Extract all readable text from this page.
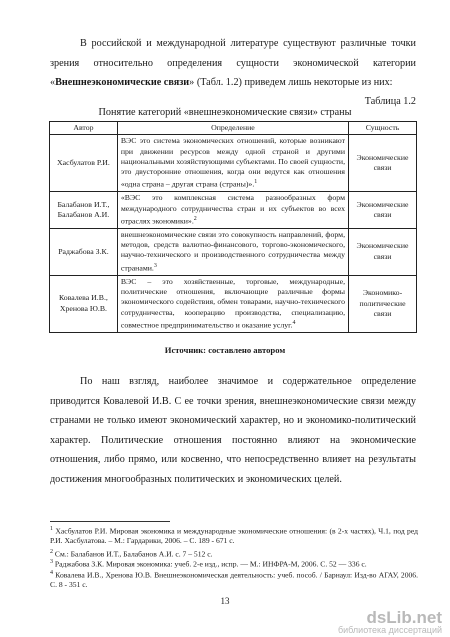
В российской и международной литературе существуют различные точки зрения относительно определения сущности экономической категории «Внешнеэкономические связи» (Табл. 1.2) приведем лишь некоторые из них:
Таблица 1.2
Понятие категорий «внешнеэкономические связи» страны
Автор	Определение	Сущность
Хасбулатов Р.И.	ВЭС это система экономических отношений, которые возникают при движении ресурсов между одной страной и другими национальными хозяйствующими субъектами. По своей сущности, это двусторонние отношения, когда они ведутся как отношения «одна страна – другая страна (страны)».$^1$	Экономические связи
Балабанов И.Т., Балабанов А.И.	«ВЭС это комплексная система разнообразных форм международного сотрудничества стран и их субъектов во всех отраслях экономики».$^2$	Экономические связи
Раджабова З.К.	внешнеэкономические связи это совокупность направлений, форм, методов, средств валютно-финансового, торгово-экономического, научно-технического и производственного сотрудничества между странами.$^3$	Экономические связи
Ковалева И.В., Хренова Ю.В.	ВЭС – это хозяйственные, торговые, международные, политические отношения, включающие различные формы экономического содействия, обмен товарами, научно-технического сотрудничества, кооперацию производства, специализацию, совместное предпринимательство и оказание услуг.$^4$	Экономико-политические связи
Источник: составлено автором
По наш взгляд, наиболее значимое и содержательное определение приводится Ковалевой И.В. С ее точки зрения, внешнеэкономические связи между странами не только имеют экономический характер, но и экономико-политический характер. Политические отношения постоянно влияют на экономические отношения, либо прямо, или косвенно, что непосредственно влияет на результаты достижения многообразных политических и экономических целей.
$^1$ Хасбулатов Р.И. Мировая экономика и международные экономические отношения: (в 2-х частях), Ч.1, под ред Р.И. Хасбулатова. – М.: Гардарики, 2006. – С. 189 - 671 с.
$^2$ См.: Балабанов И.Т., Балабанов А.И. с. 7 – 512 с.
$^3$ Раджабова З.К. Мировая экономика: учеб. 2-е изд., испр. — М.: ИНФРА-М, 2006. С. 52 — 336 с.
$^4$ Ковалева И.В., Хренова Ю.В. Внешнеэкономическая деятельность: учеб. пособ. / Барнаул: Изд-во АГАУ, 2006. С. 8 - 351 с.
13
dsLib.net
библиотека диссертаций
